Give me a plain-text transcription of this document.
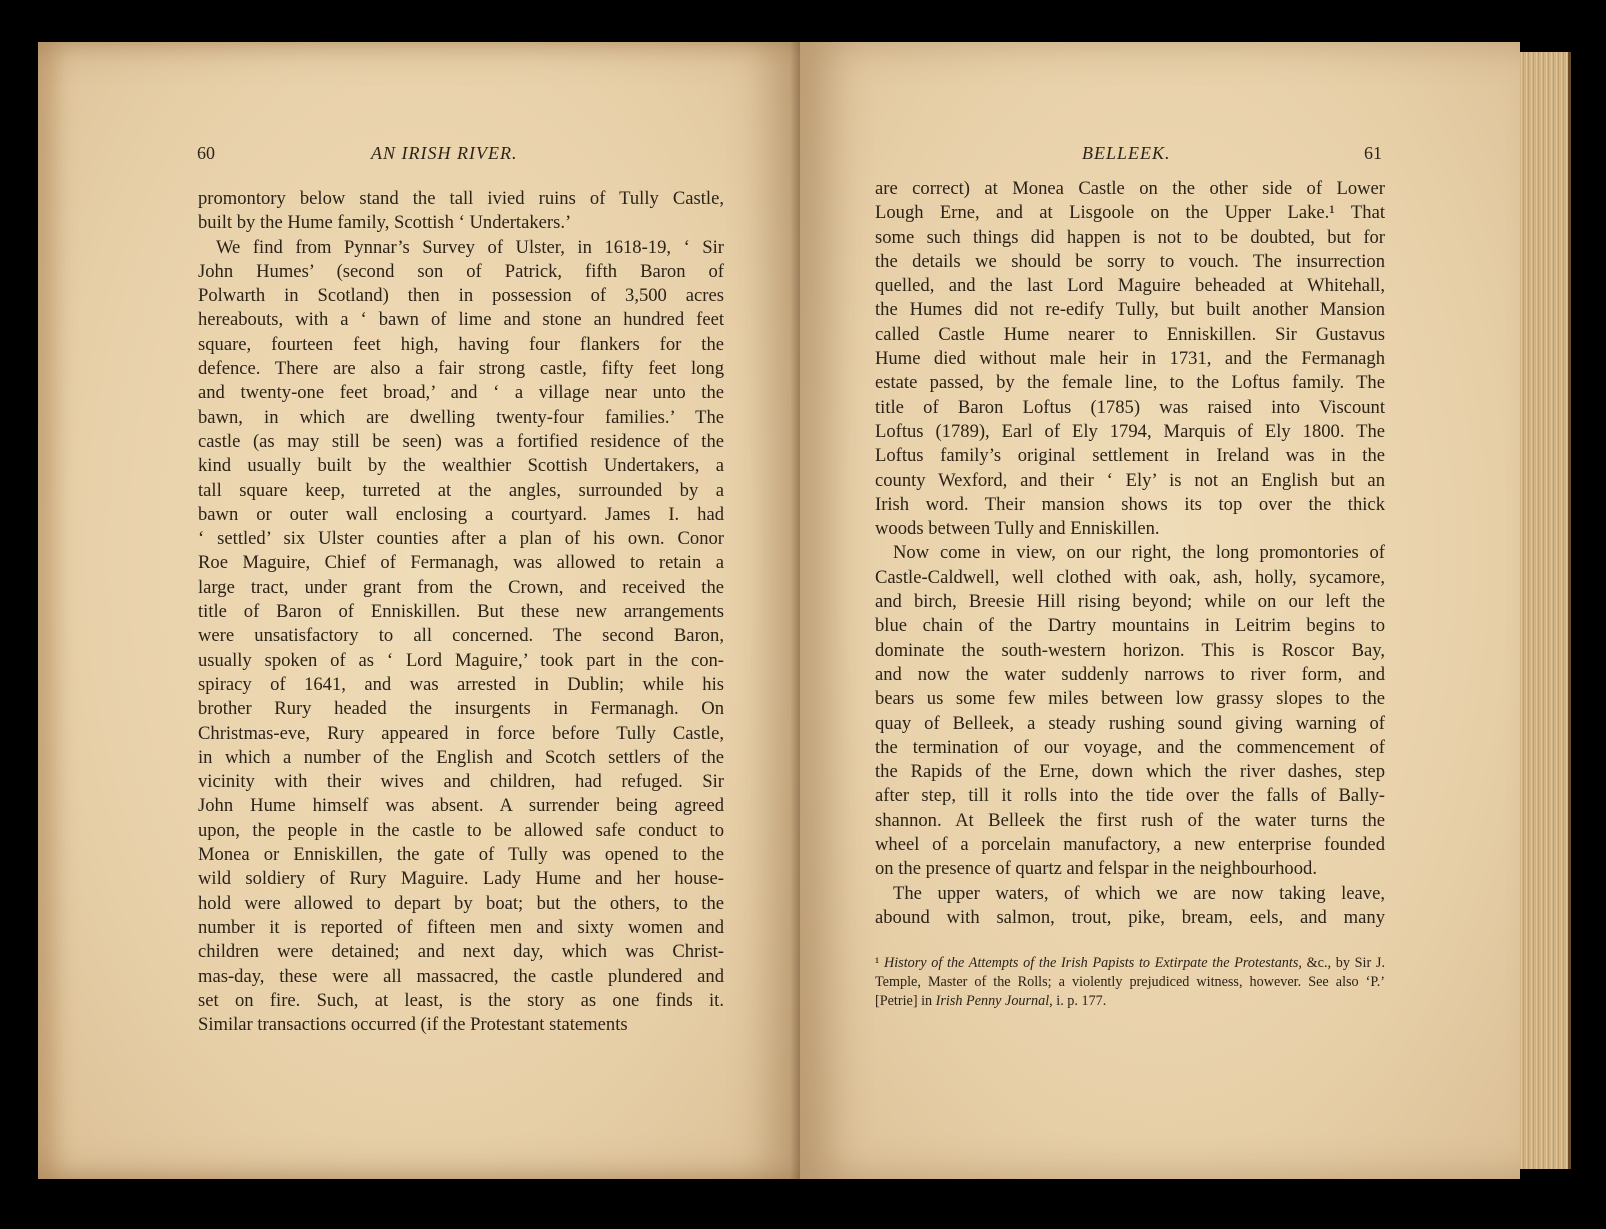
60	AN IRISH RIVER.
promontory below stand the tall ivied ruins of Tully Castle,
built by the Hume family, Scottish ‘ Undertakers.’
We find from Pynnar’s Survey of Ulster, in 1618-19, ‘ Sir
John Humes’ (second son of Patrick, fifth Baron of
Polwarth in Scotland) then in possession of 3,500 acres
hereabouts, with a ‘ bawn of lime and stone an hundred feet
square, fourteen feet high, having four flankers for the
defence. There are also a fair strong castle, fifty feet long
and twenty-one feet broad,’ and ‘ a village near unto the
bawn, in which are dwelling twenty-four families.’ The
castle (as may still be seen) was a fortified residence of the
kind usually built by the wealthier Scottish Undertakers, a
tall square keep, turreted at the angles, surrounded by a
bawn or outer wall enclosing a courtyard. James I. had
‘ settled’ six Ulster counties after a plan of his own. Conor
Roe Maguire, Chief of Fermanagh, was allowed to retain a
large tract, under grant from the Crown, and received the
title of Baron of Enniskillen. But these new arrangements
were unsatisfactory to all concerned. The second Baron,
usually spoken of as ‘ Lord Maguire,’ took part in the con-
spiracy of 1641, and was arrested in Dublin; while his
brother Rury headed the insurgents in Fermanagh. On
Christmas-eve, Rury appeared in force before Tully Castle,
in which a number of the English and Scotch settlers of the
vicinity with their wives and children, had refuged. Sir
John Hume himself was absent. A surrender being agreed
upon, the people in the castle to be allowed safe conduct to
Monea or Enniskillen, the gate of Tully was opened to the
wild soldiery of Rury Maguire. Lady Hume and her house-
hold were allowed to depart by boat; but the others, to the
number it is reported of fifteen men and sixty women and
children were detained; and next day, which was Christ-
mas-day, these were all massacred, the castle plundered and
set on fire. Such, at least, is the story as one finds it.
Similar transactions occurred (if the Protestant statements
BELLEEK.	61
are correct) at Monea Castle on the other side of Lower
Lough Erne, and at Lisgoole on the Upper Lake.¹ That
some such things did happen is not to be doubted, but for
the details we should be sorry to vouch. The insurrection
quelled, and the last Lord Maguire beheaded at Whitehall,
the Humes did not re-edify Tully, but built another Mansion
called Castle Hume nearer to Enniskillen. Sir Gustavus
Hume died without male heir in 1731, and the Fermanagh
estate passed, by the female line, to the Loftus family. The
title of Baron Loftus (1785) was raised into Viscount
Loftus (1789), Earl of Ely 1794, Marquis of Ely 1800. The
Loftus family’s original settlement in Ireland was in the
county Wexford, and their ‘ Ely’ is not an English but an
Irish word. Their mansion shows its top over the thick
woods between Tully and Enniskillen.
Now come in view, on our right, the long promontories of
Castle-Caldwell, well clothed with oak, ash, holly, sycamore,
and birch, Breesie Hill rising beyond; while on our left the
blue chain of the Dartry mountains in Leitrim begins to
dominate the south-western horizon. This is Roscor Bay,
and now the water suddenly narrows to river form, and
bears us some few miles between low grassy slopes to the
quay of Belleek, a steady rushing sound giving warning of
the termination of our voyage, and the commencement of
the Rapids of the Erne, down which the river dashes, step
after step, till it rolls into the tide over the falls of Bally-
shannon. At Belleek the first rush of the water turns the
wheel of a porcelain manufactory, a new enterprise founded
on the presence of quartz and felspar in the neighbourhood.
The upper waters, of which we are now taking leave,
abound with salmon, trout, pike, bream, eels, and many
¹ History of the Attempts of the Irish Papists to Extirpate the Protestants, &c., by Sir J. Temple, Master of the Rolls; a violently prejudiced witness, however. See also ‘P.’ [Petrie] in Irish Penny Journal, i. p. 177.
